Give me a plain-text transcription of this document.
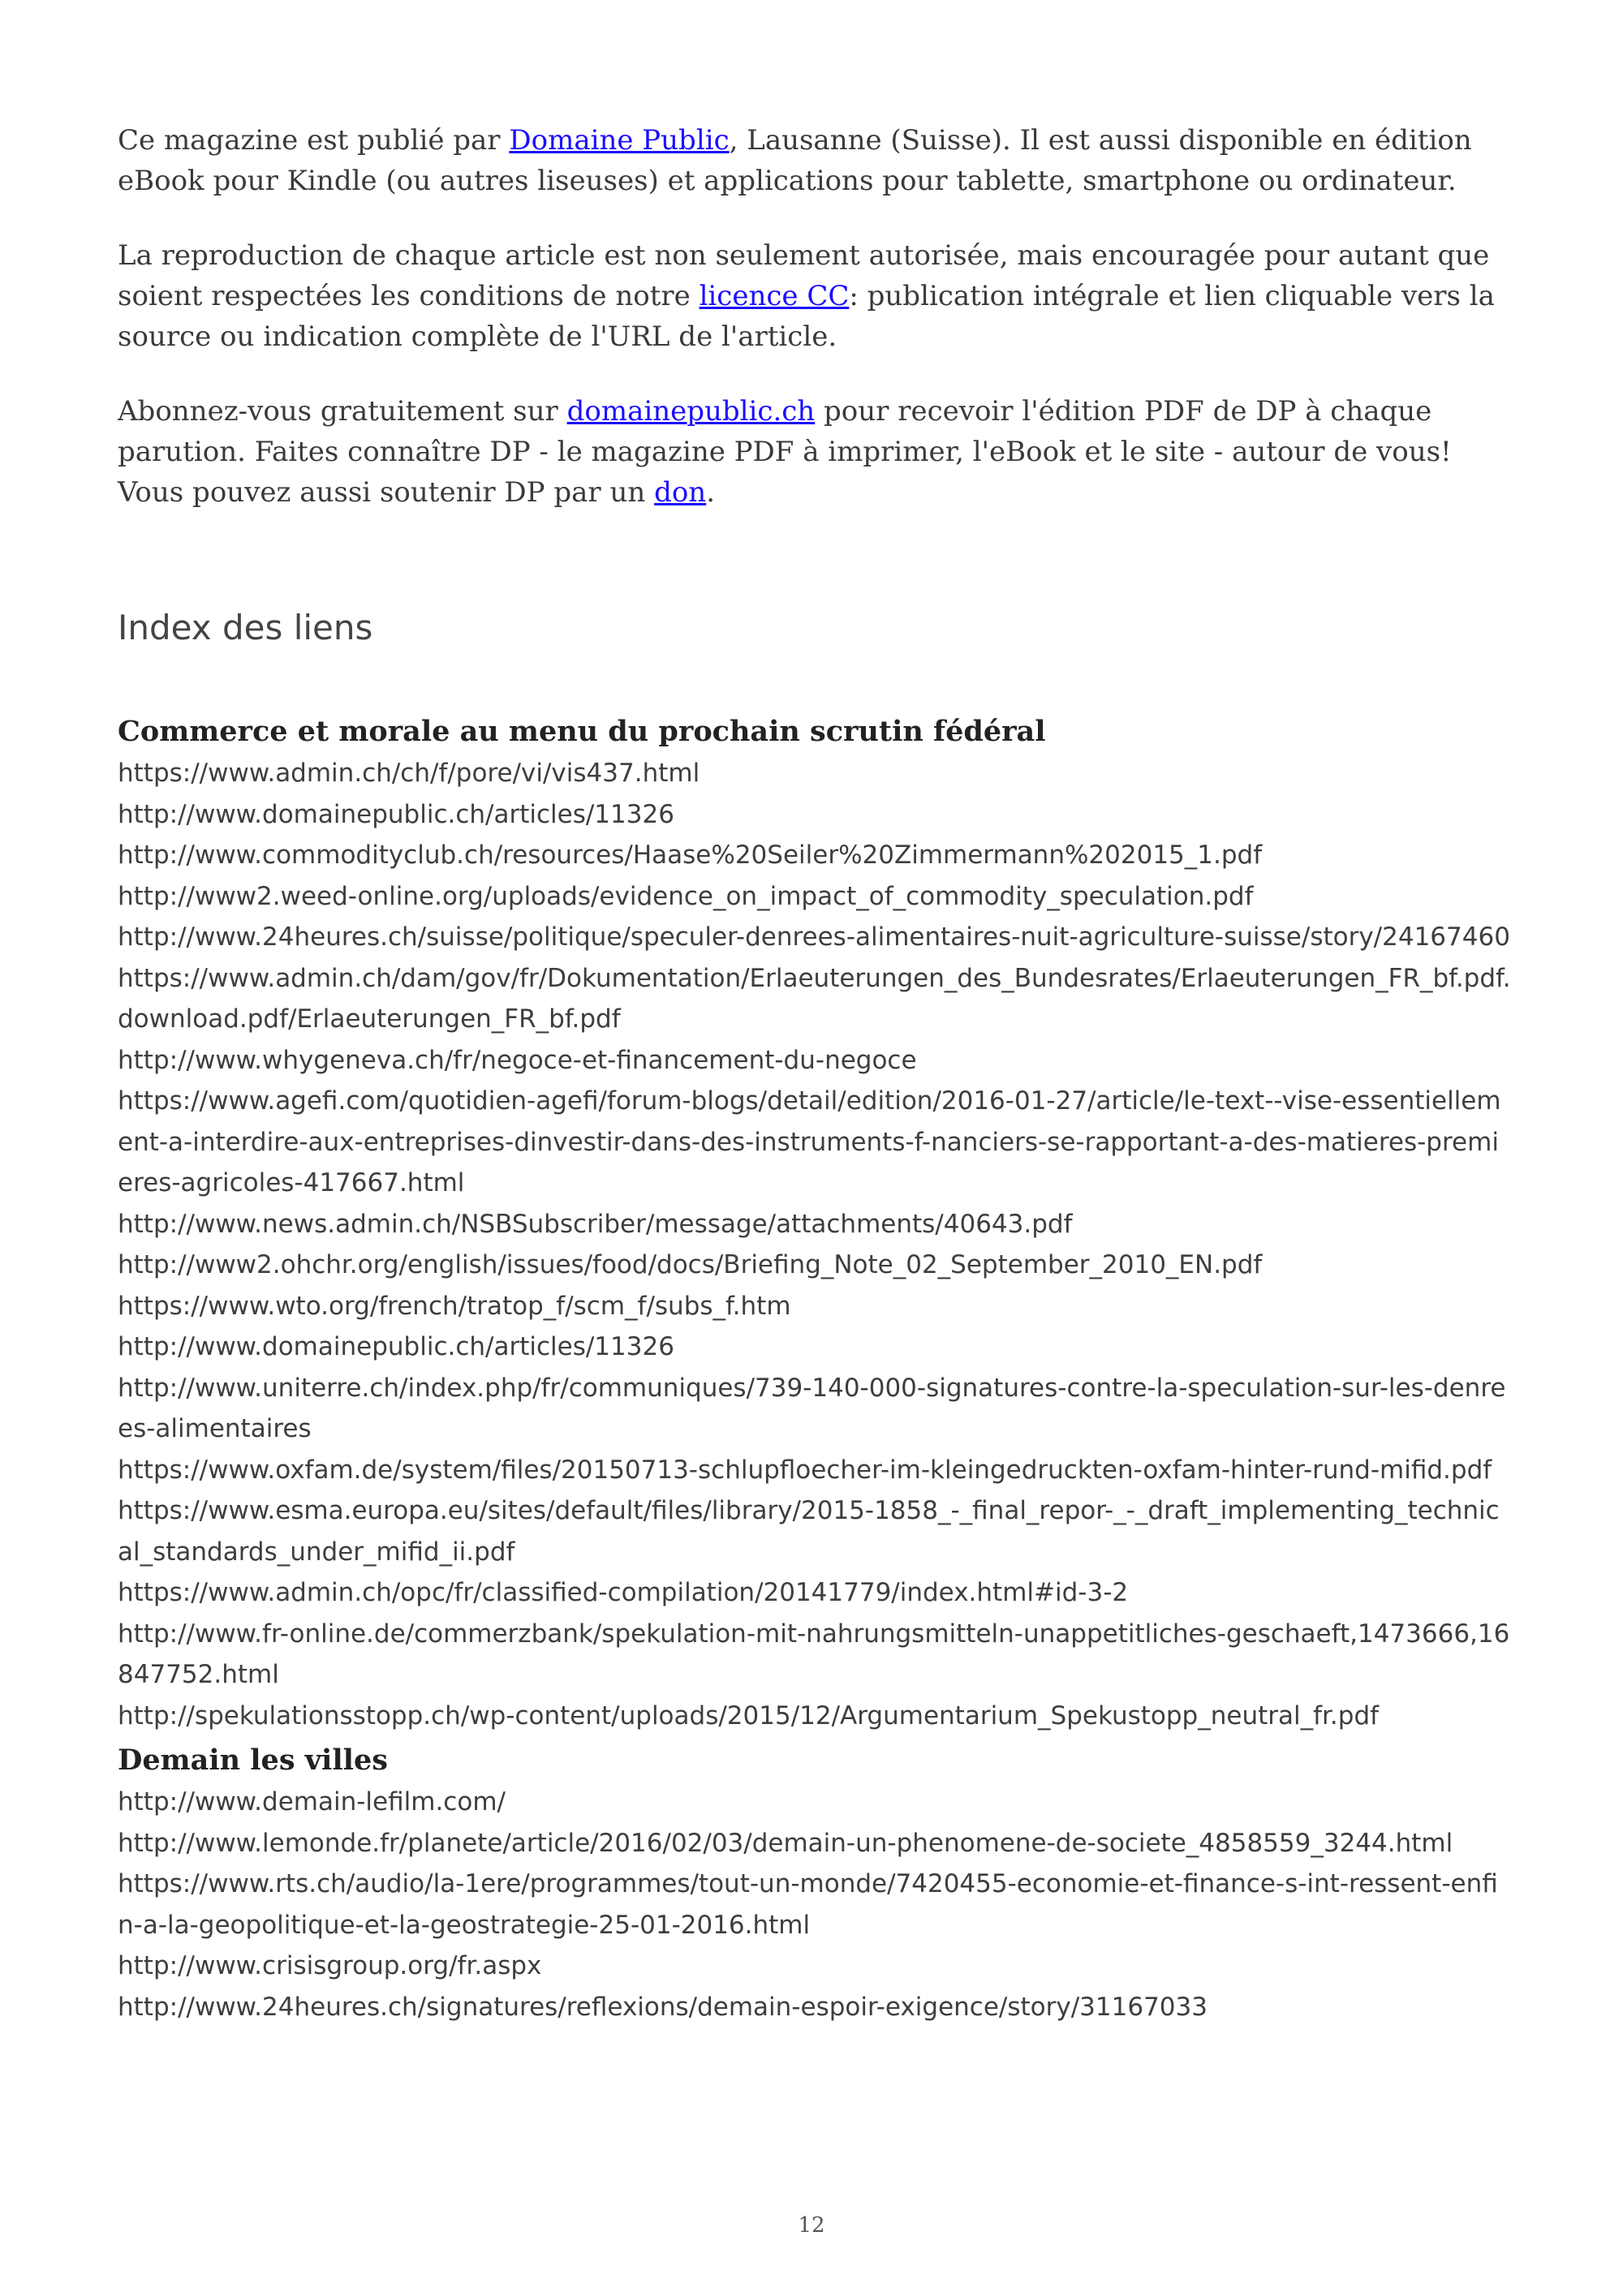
Ce magazine est publié par Domaine Public, Lausanne (Suisse). Il est aussi disponible en édition eBook pour Kindle (ou autres liseuses) et applications pour tablette, smartphone ou ordinateur.

La reproduction de chaque article est non seulement autorisée, mais encouragée pour autant que soient respectées les conditions de notre licence CC: publication intégrale et lien cliquable vers la source ou indication complète de l'URL de l'article.

Abonnez-vous gratuitement sur domainepublic.ch pour recevoir l'édition PDF de DP à chaque parution. Faites connaître DP - le magazine PDF à imprimer, l'eBook et le site - autour de vous! Vous pouvez aussi soutenir DP par un don.

Index des liens
Commerce et morale au menu du prochain scrutin fédéral
https://www.admin.ch/ch/f/pore/vi/vis437.html
http://www.domainepublic.ch/articles/11326
http://www.commodityclub.ch/resources/Haase%20Seiler%20Zimmermann%202015_1.pdf
http://www2.weed-online.org/uploads/evidence_on_impact_of_commodity_speculation.pdf
http://www.24heures.ch/suisse/politique/speculer-denrees-alimentaires-nuit-agriculture-suisse/story/24167460
https://www.admin.ch/dam/gov/fr/Dokumentation/Erlaeuterungen_des_Bundesrates/Erlaeuterungen_FR_bf.pdf.download.pdf/Erlaeuterungen_FR_bf.pdf
http://www.whygeneva.ch/fr/negoce-et-financement-du-negoce
https://www.agefi.com/quotidien-agefi/forum-blogs/detail/edition/2016-01-27/article/le-text--vise-essentiellement-a-interdire-aux-entreprises-dinvestir-dans-des-instruments-f-nanciers-se-rapportant-a-des-matieres-premieres-agricoles-417667.html
http://www.news.admin.ch/NSBSubscriber/message/attachments/40643.pdf
http://www2.ohchr.org/english/issues/food/docs/Briefing_Note_02_September_2010_EN.pdf
https://www.wto.org/french/tratop_f/scm_f/subs_f.htm
http://www.domainepublic.ch/articles/11326
http://www.uniterre.ch/index.php/fr/communiques/739-140-000-signatures-contre-la-speculation-sur-les-denrees-alimentaires
https://www.oxfam.de/system/files/20150713-schlupfloecher-im-kleingedruckten-oxfam-hinter-rund-mifid.pdf
https://www.esma.europa.eu/sites/default/files/library/2015-1858_-_final_repor-_-_draft_implementing_technical_standards_under_mifid_ii.pdf
https://www.admin.ch/opc/fr/classified-compilation/20141779/index.html#id-3-2
http://www.fr-online.de/commerzbank/spekulation-mit-nahrungsmitteln-unappetitliches-geschaeft,1473666,16847752.html
http://spekulationsstopp.ch/wp-content/uploads/2015/12/Argumentarium_Spekustopp_neutral_fr.pdf
Demain les villes
http://www.demain-lefilm.com/
http://www.lemonde.fr/planete/article/2016/02/03/demain-un-phenomene-de-societe_4858559_3244.html
https://www.rts.ch/audio/la-1ere/programmes/tout-un-monde/7420455-economie-et-finance-s-int-ressent-enfin-a-la-geopolitique-et-la-geostrategie-25-01-2016.html
http://www.crisisgroup.org/fr.aspx
http://www.24heures.ch/signatures/reflexions/demain-espoir-exigence/story/31167033
12
